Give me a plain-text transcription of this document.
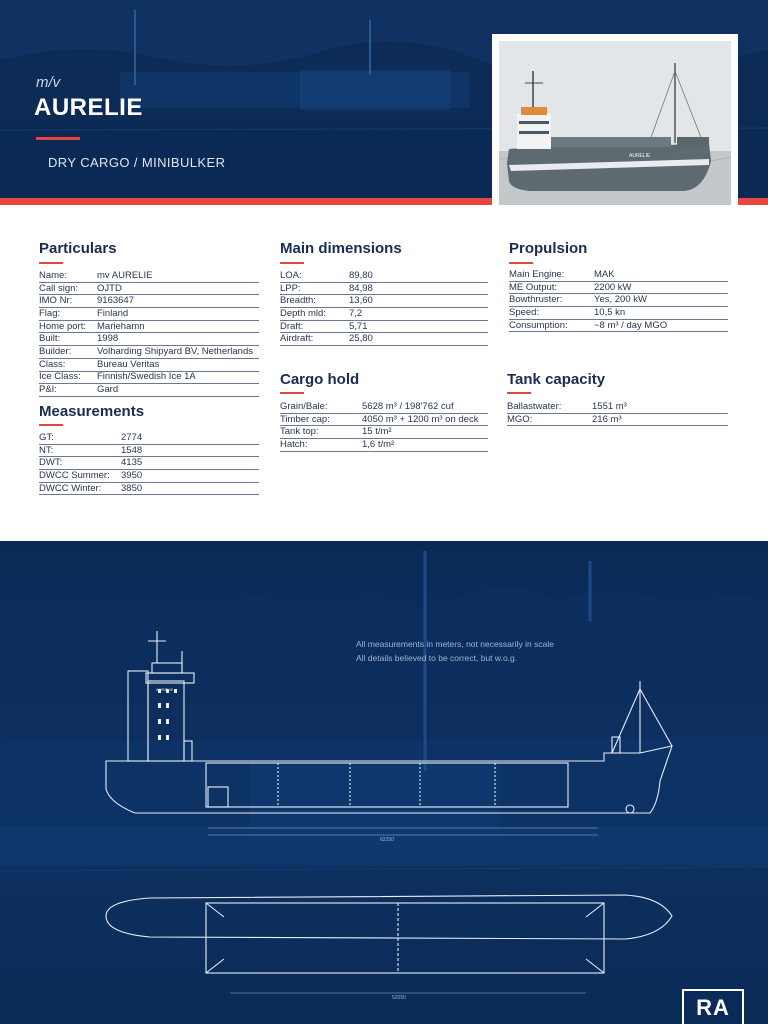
m/v
AURELIE
DRY CARGO / MINIBULKER	AURELIE
Particulars
Name:	mv AURELIE
Call sign:	OJTD
IMO Nr:	9163647
Flag:	Finland
Home port:	Mariehamn
Built:	1998
Builder:	Volharding Shipyard BV, Netherlands
Class:	Bureau Veritas
Ice Class:	Finnish/Swedish Ice 1A
P&I:	Gard
Measurements
GT:	2774
NT:	1548
DWT:	4135
DWCC Summer:	3950
DWCC Winter:	3850
Main dimensions
LOA:	89,80
LPP:	84,98
Breadth:	13,60
Depth mld:	7,2
Draft:	5,71
Airdraft:	25,80
Cargo hold
Grain/Bale:	5628 m³ / 198'762 cuf
Timber cap:	4050 m³ + 1200 m³ on deck
Tank top:	15 t/m²
Hatch:	1,6 t/m²
Propulsion
Main Engine:	MAK
ME Output:	2200 kW
Bowthruster:	Yes, 200 kW
Speed:	10,5 kn
Consumption:	~8 m³ / day MGO
Tank capacity
Ballastwater:	1551 m³
MGO:	216 m³
AURELIE
62350
52050
All measurements in meters, not necessarily in scale
All details believed to be correct, but w.o.g.
RA
